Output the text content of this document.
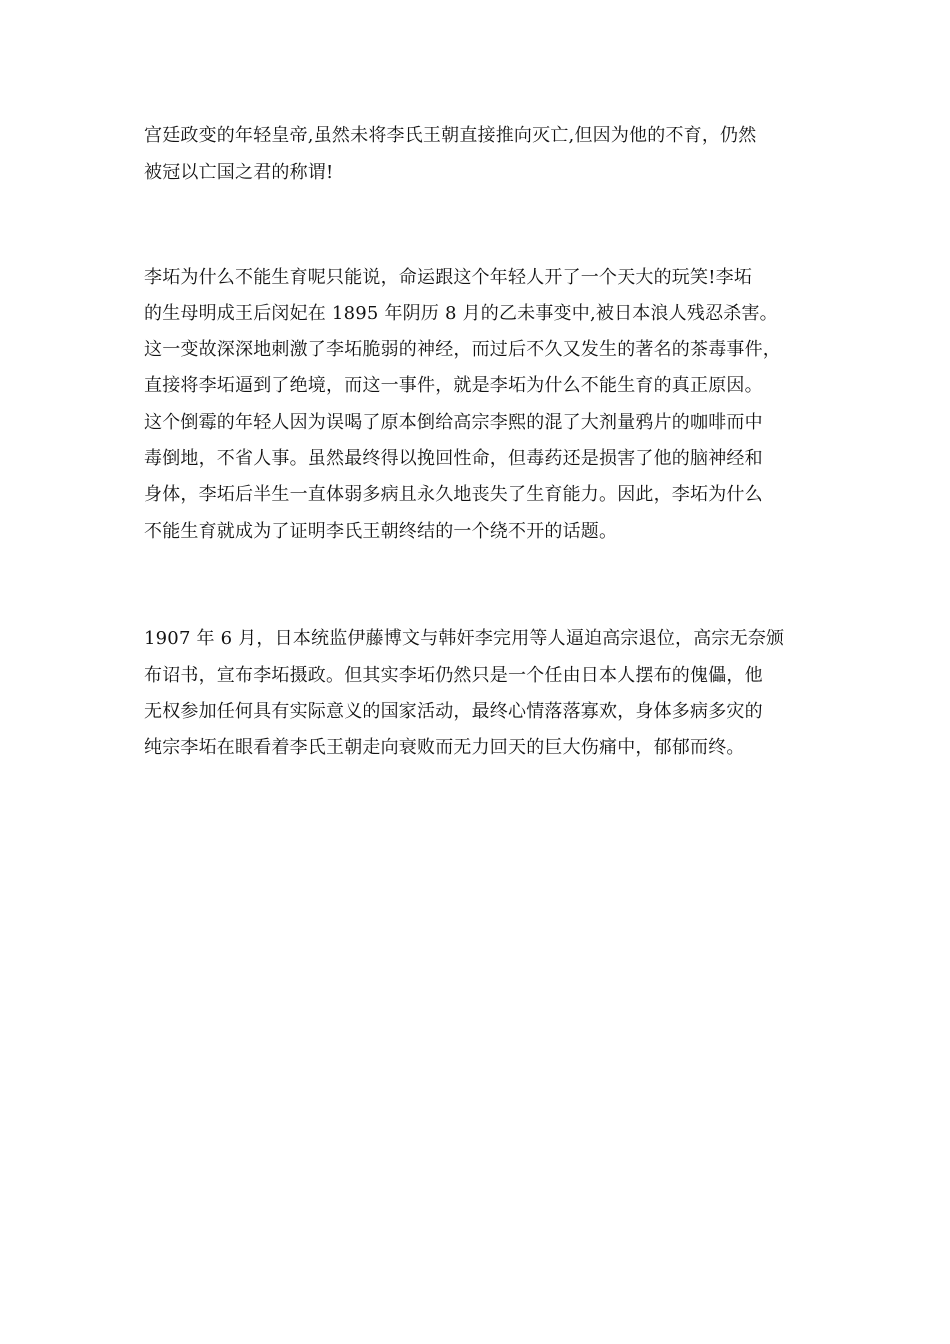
宫廷政变的年轻皇帝,虽然未将李氏王朝直接推向灭亡,但因为他的不育，仍然
被冠以亡国之君的称谓!
李坧为什么不能生育呢只能说，命运跟这个年轻人开了一个天大的玩笑!李坧
的生母明成王后闵妃在 1895 年阴历 8 月的乙未事变中,被日本浪人残忍杀害。
这一变故深深地刺激了李坧脆弱的神经，而过后不久又发生的著名的茶毒事件，
直接将李坧逼到了绝境，而这一事件，就是李坧为什么不能生育的真正原因。
这个倒霉的年轻人因为误喝了原本倒给高宗李熙的混了大剂量鸦片的咖啡而中
毒倒地，不省人事。虽然最终得以挽回性命，但毒药还是损害了他的脑神经和
身体，李坧后半生一直体弱多病且永久地丧失了生育能力。因此，李坧为什么
不能生育就成为了证明李氏王朝终结的一个绕不开的话题。
1907 年 6 月，日本统监伊藤博文与韩奸李完用等人逼迫高宗退位，高宗无奈颁
布诏书，宣布李坧摄政。但其实李坧仍然只是一个任由日本人摆布的傀儡，他
无权参加任何具有实际意义的国家活动，最终心情落落寡欢，身体多病多灾的
纯宗李坧在眼看着李氏王朝走向衰败而无力回天的巨大伤痛中，郁郁而终。
